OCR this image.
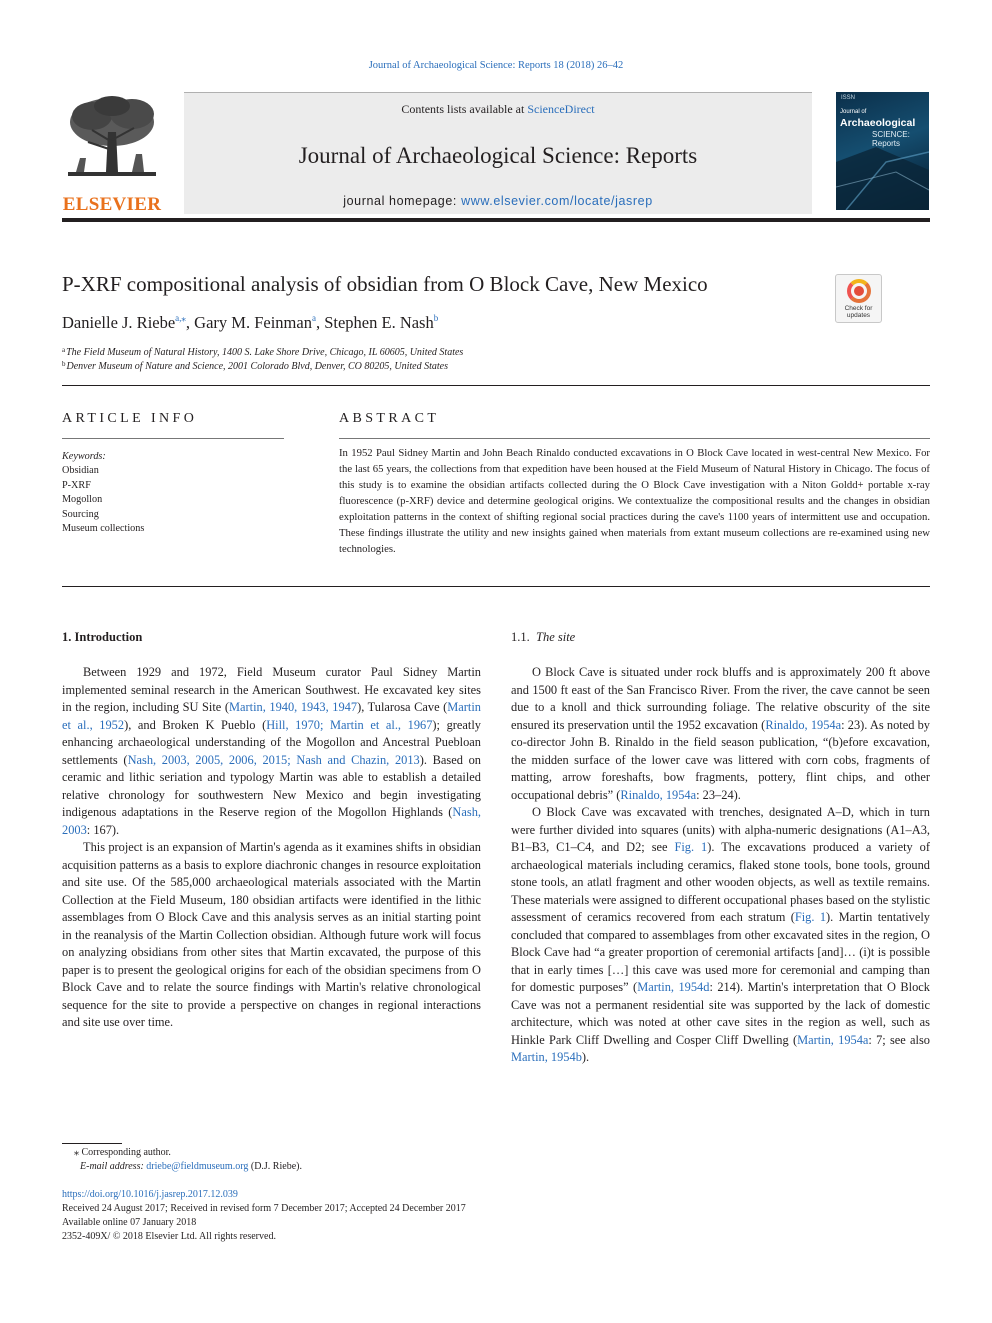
Journal of Archaeological Science: Reports 18 (2018) 26–42
ELSEVIER
Contents lists available at ScienceDirect
Journal of Archaeological Science: Reports
journal homepage: www.elsevier.com/locate/jasrep
ISSN
Journal of
Archaeological
SCIENCE:
Reports
P-XRF compositional analysis of obsidian from O Block Cave, New Mexico
Check for
updates
Danielle J. Riebe$^{a,⁎}$, Gary M. Feinman$^a$, Stephen E. Nash$^b$
$^a$The Field Museum of Natural History, 1400 S. Lake Shore Drive, Chicago, IL 60605, United States
$^b$Denver Museum of Nature and Science, 2001 Colorado Blvd, Denver, CO 80205, United States
ARTICLE INFO
Keywords:
Obsidian
P-XRF
Mogollon
Sourcing
Museum collections
ABSTRACT
In 1952 Paul Sidney Martin and John Beach Rinaldo conducted excavations in O Block Cave located in west-central New Mexico. For the last 65 years, the collections from that expedition have been housed at the Field Museum of Natural History in Chicago. The focus of this study is to examine the obsidian artifacts collected during the O Block Cave investigation with a Niton Goldd+ portable x-ray fluorescence (p-XRF) device and determine geological origins. We contextualize the compositional results and the changes in obsidian exploitation patterns in the context of shifting regional social practices during the cave's 1100 years of intermittent use and occupation. These findings illustrate the utility and new insights gained when materials from extant museum collections are re-examined using new technologies.
1. Introduction	1.1. The site

Between 1929 and 1972, Field Museum curator Paul Sidney Martin implemented seminal research in the American Southwest. He excavated key sites in the region, including SU Site (Martin, 1940, 1943, 1947), Tularosa Cave (Martin et al., 1952), and Broken K Pueblo (Hill, 1970; Martin et al., 1967); greatly enhancing archaeological understanding of the Mogollon and Ancestral Puebloan settlements (Nash, 2003, 2005, 2006, 2015; Nash and Chazin, 2013). Based on ceramic and lithic seriation and typology Martin was able to establish a detailed relative chronology for southwestern New Mexico and begin investigating indigenous adaptations in the Reserve region of the Mogollon Highlands (Nash, 2003: 167).

This project is an expansion of Martin's agenda as it examines shifts in obsidian acquisition patterns as a basis to explore diachronic changes in resource exploitation and site use. Of the 585,000 archaeological materials associated with the Martin Collection at the Field Museum, 180 obsidian artifacts were identified in the lithic assemblages from O Block Cave and this analysis serves as an initial starting point in the reanalysis of the Martin Collection obsidian. Although future work will focus on analyzing obsidians from other sites that Martin excavated, the purpose of this paper is to present the geological origins for each of the obsidian specimens from O Block Cave and to relate the source findings with Martin's relative chronological sequence for the site to provide a perspective on changes in regional interactions and site use over time.

O Block Cave is situated under rock bluffs and is approximately 200 ft above and 1500 ft east of the San Francisco River. From the river, the cave cannot be seen due to a knoll and thick surrounding foliage. The relative obscurity of the site ensured its preservation until the 1952 excavation (Rinaldo, 1954a: 23). As noted by co-director John B. Rinaldo in the field season publication, “(b)efore excavation, the midden surface of the lower cave was littered with corn cobs, fragments of matting, arrow foreshafts, bow fragments, pottery, flint chips, and other occupational debris” (Rinaldo, 1954a: 23–24).

O Block Cave was excavated with trenches, designated A–D, which in turn were further divided into squares (units) with alpha-numeric designations (A1–A3, B1–B3, C1–C4, and D2; see Fig. 1). The excavations produced a variety of archaeological materials including ceramics, flaked stone tools, bone tools, ground stone tools, an atlatl fragment and other wooden objects, as well as textile remains. These materials were assigned to different occupational phases based on the stylistic assessment of ceramics recovered from each stratum (Fig. 1). Martin tentatively concluded that compared to assemblages from other excavated sites in the region, O Block Cave had “a greater proportion of ceremonial artifacts [and]… (i)t is possible that in early times […] this cave was used more for ceremonial and camping than for domestic purposes” (Martin, 1954d: 214). Martin's interpretation that O Block Cave was not a permanent residential site was supported by the lack of domestic architecture, which was noted at other cave sites in the region as well, such as Hinkle Park Cliff Dwelling and Cosper Cliff Dwelling (Martin, 1954a: 7; see also Martin, 1954b).

⁎ Corresponding author.
E-mail address: driebe@fieldmuseum.org (D.J. Riebe).
https://doi.org/10.1016/j.jasrep.2017.12.039
Received 24 August 2017; Received in revised form 7 December 2017; Accepted 24 December 2017
Available online 07 January 2018
2352-409X/ © 2018 Elsevier Ltd. All rights reserved.
